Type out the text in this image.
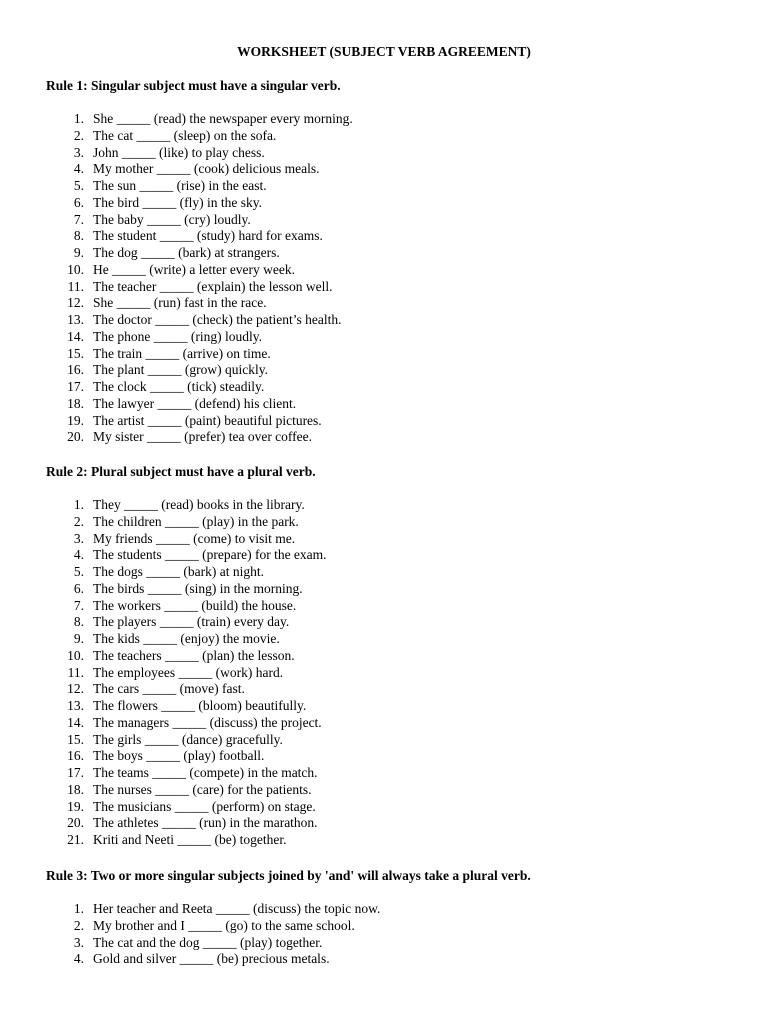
WORKSHEET (SUBJECT VERB AGREEMENT)
Rule 1: Singular subject must have a singular verb.
1. She _____ (read) the newspaper every morning.
2. The cat _____ (sleep) on the sofa.
3. John _____ (like) to play chess.
4. My mother _____ (cook) delicious meals.
5. The sun _____ (rise) in the east.
6. The bird _____ (fly) in the sky.
7. The baby _____ (cry) loudly.
8. The student _____ (study) hard for exams.
9. The dog _____ (bark) at strangers.
10. He _____ (write) a letter every week.
11. The teacher _____ (explain) the lesson well.
12. She _____ (run) fast in the race.
13. The doctor _____ (check) the patient’s health.
14. The phone _____ (ring) loudly.
15. The train _____ (arrive) on time.
16. The plant _____ (grow) quickly.
17. The clock _____ (tick) steadily.
18. The lawyer _____ (defend) his client.
19. The artist _____ (paint) beautiful pictures.
20. My sister _____ (prefer) tea over coffee.
Rule 2: Plural subject must have a plural verb.
1. They _____ (read) books in the library.
2. The children _____ (play) in the park.
3. My friends _____ (come) to visit me.
4. The students _____ (prepare) for the exam.
5. The dogs _____ (bark) at night.
6. The birds _____ (sing) in the morning.
7. The workers _____ (build) the house.
8. The players _____ (train) every day.
9. The kids _____ (enjoy) the movie.
10. The teachers _____ (plan) the lesson.
11. The employees _____ (work) hard.
12. The cars _____ (move) fast.
13. The flowers _____ (bloom) beautifully.
14. The managers _____ (discuss) the project.
15. The girls _____ (dance) gracefully.
16. The boys _____ (play) football.
17. The teams _____ (compete) in the match.
18. The nurses _____ (care) for the patients.
19. The musicians _____ (perform) on stage.
20. The athletes _____ (run) in the marathon.
21. Kriti and Neeti _____ (be) together.
Rule 3: Two or more singular subjects joined by 'and' will always take a plural verb.
1. Her teacher and Reeta _____ (discuss) the topic now.
2. My brother and I _____ (go) to the same school.
3. The cat and the dog _____ (play) together.
4. Gold and silver _____ (be) precious metals.
